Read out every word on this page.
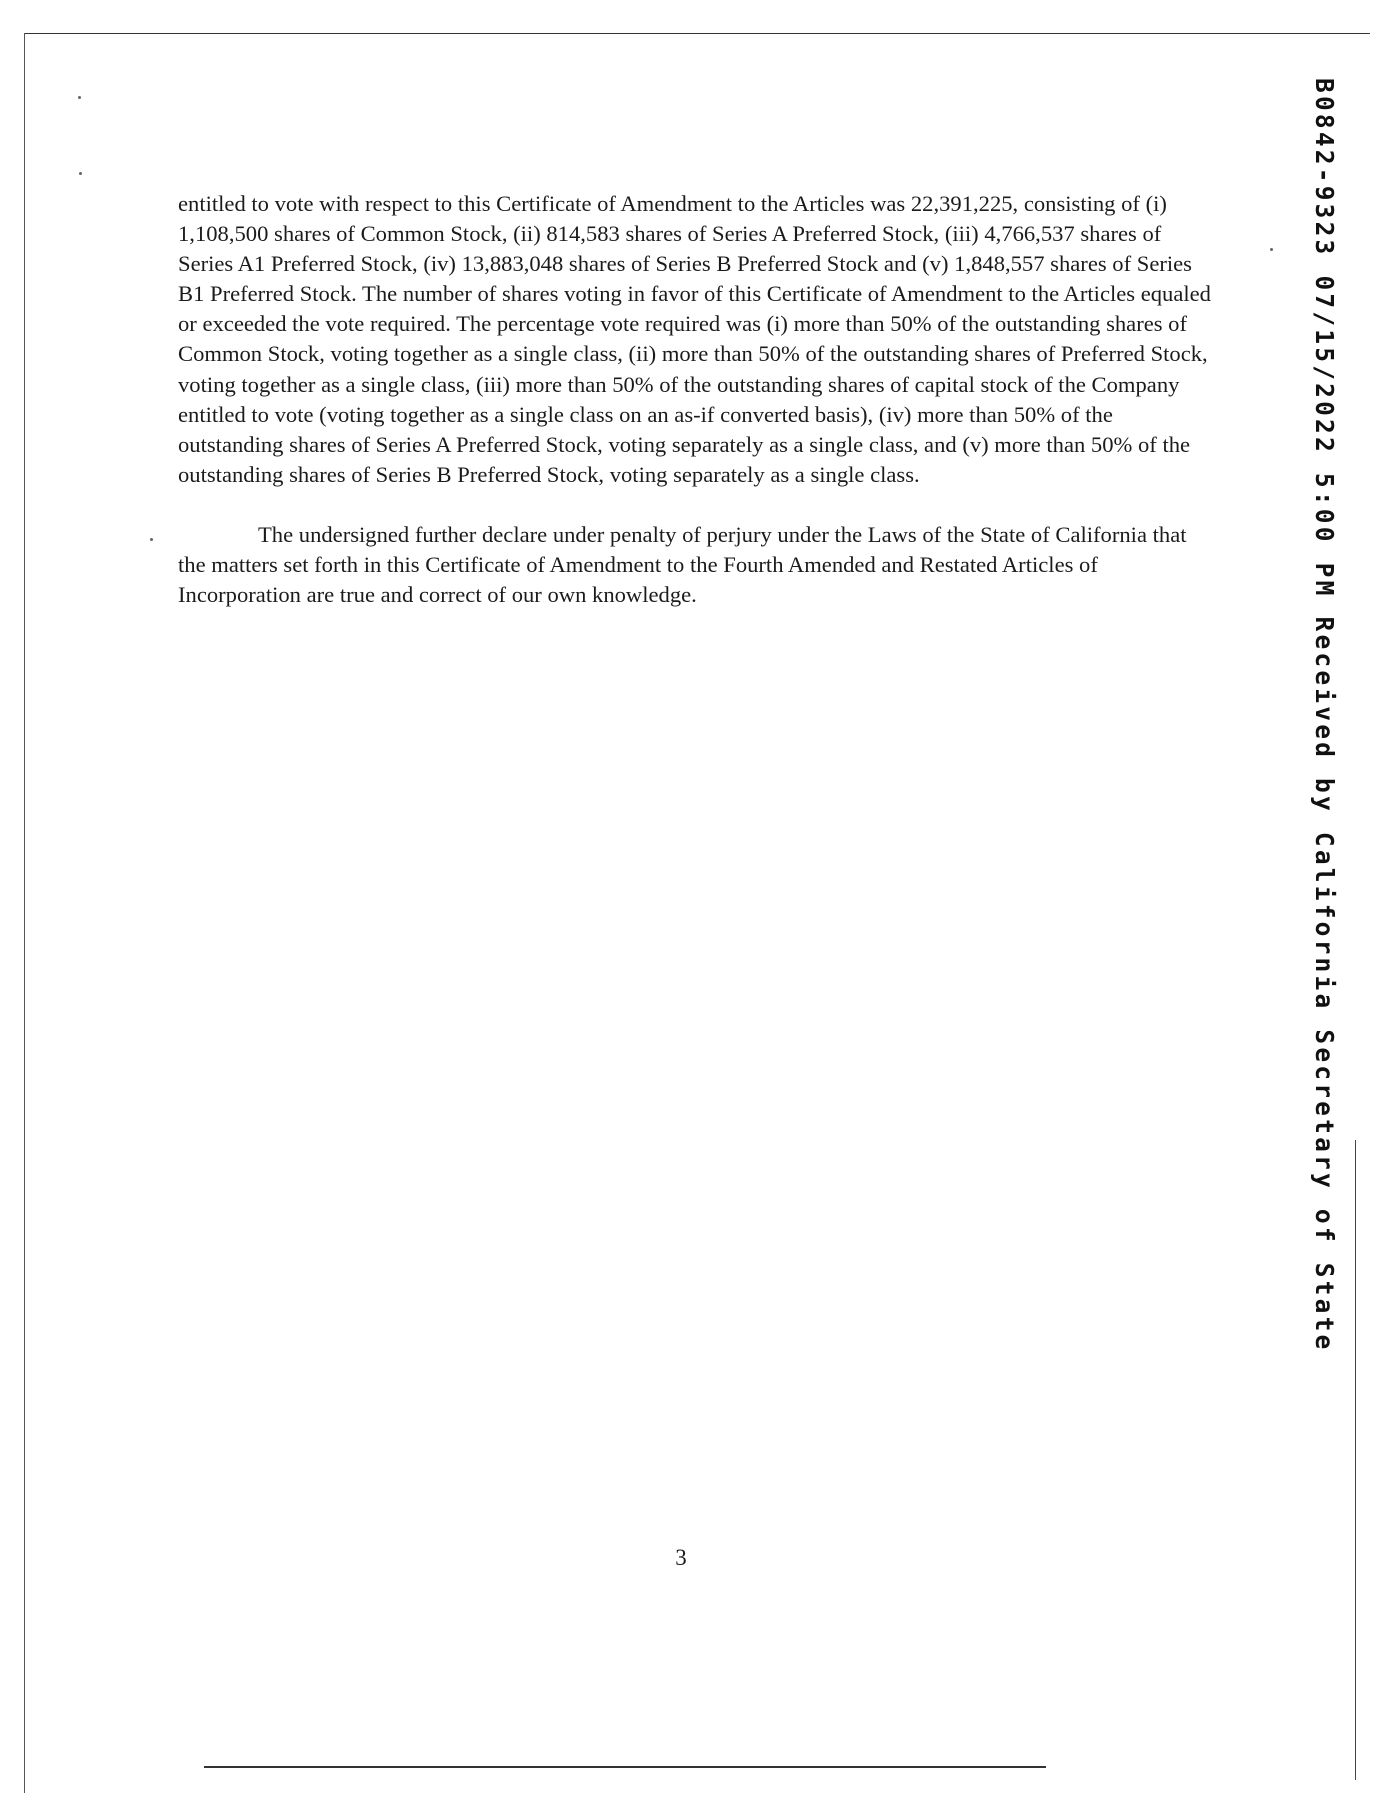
entitled to vote with respect to this Certificate of Amendment to the Articles was 22,391,225, consisting of (i) 1,108,500 shares of Common Stock, (ii) 814,583 shares of Series A Preferred Stock, (iii) 4,766,537 shares of Series A1 Preferred Stock, (iv) 13,883,048 shares of Series B Preferred Stock and (v) 1,848,557 shares of Series B1 Preferred Stock. The number of shares voting in favor of this Certificate of Amendment to the Articles equaled or exceeded the vote required. The percentage vote required was (i) more than 50% of the outstanding shares of Common Stock, voting together as a single class, (ii) more than 50% of the outstanding shares of Preferred Stock, voting together as a single class, (iii) more than 50% of the outstanding shares of capital stock of the Company entitled to vote (voting together as a single class on an as-if converted basis), (iv) more than 50% of the outstanding shares of Series A Preferred Stock, voting separately as a single class, and (v) more than 50% of the outstanding shares of Series B Preferred Stock, voting separately as a single class.

The undersigned further declare under penalty of perjury under the Laws of the State of California that the matters set forth in this Certificate of Amendment to the Fourth Amended and Restated Articles of Incorporation are true and correct of our own knowledge.

3
B0842-9323 07/15/2022 5:00 PM Received by California Secretary of State
